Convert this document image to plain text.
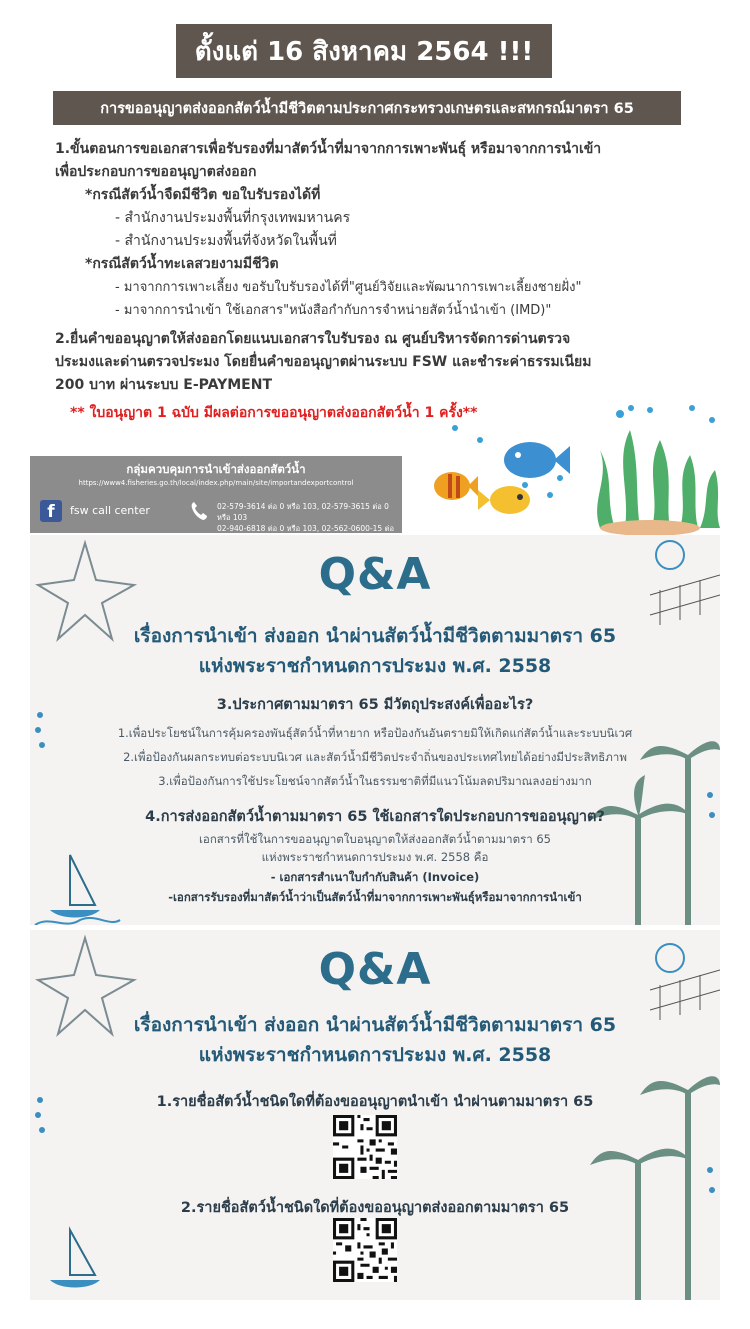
ตั้งแต่ 16 สิงหาคม 2564 !!!
การขออนุญาตส่งออกสัตว์น้ำมีชีวิตตามประกาศกระทรวงเกษตรและสหกรณ์มาตรา 65

1.ขั้นตอนการขอเอกสารเพื่อรับรองที่มาสัตว์น้ำที่มาจากการเพาะพันธุ์ หรือมาจากการนำเข้า

เพื่อประกอบการขออนุญาตส่งออก

*กรณีสัตว์น้ำจืดมีชีวิต ขอใบรับรองได้ที่

- สำนักงานประมงพื้นที่กรุงเทพมหานคร

- สำนักงานประมงพื้นที่จังหวัดในพื้นที่

*กรณีสัตว์น้ำทะเลสวยงามมีชีวิต

- มาจากการเพาะเลี้ยง ขอรับใบรับรองได้ที่"ศูนย์วิจัยและพัฒนาการเพาะเลี้ยงชายฝั่ง"

- มาจากการนำเข้า ใช้เอกสาร"หนังสือกำกับการจำหน่ายสัตว์น้ำนำเข้า (IMD)"

2.ยื่นคำขออนุญาตให้ส่งออกโดยแนบเอกสารใบรับรอง ณ ศูนย์บริหารจัดการด่านตรวจ

ประมงและด่านตรวจประมง โดยยื่นคำขออนุญาตผ่านระบบ FSW และชำระค่าธรรมเนียม

200 บาท ผ่านระบบ E-PAYMENT

** ใบอนุญาต 1 ฉบับ มีผลต่อการขออนุญาตส่งออกสัตว์น้ำ 1 ครั้ง**
กลุ่มควบคุมการนำเข้าส่งออกสัตว์น้ำ
https://www4.fisheries.go.th/local/index.php/main/site/importandexportcontrol
f	fsw call center	02-579-3614 ต่อ 0 หรือ 103, 02-579-3615 ต่อ 0 หรือ 103
02-940-6818 ต่อ 0 หรือ 103, 02-562-0600-15 ต่อ
Q&A
เรื่องการนำเข้า ส่งออก นำผ่านสัตว์น้ำมีชีวิตตามมาตรา 65
แห่งพระราชกำหนดการประมง พ.ศ. 2558
3.ประกาศตามมาตรา 65 มีวัตถุประสงค์เพื่ออะไร?
1.เพื่อประโยชน์ในการคุ้มครองพันธุ์สัตว์น้ำที่หายาก หรือป้องกันอันตรายมิให้เกิดแก่สัตว์น้ำและระบบนิเวศ
2.เพื่อป้องกันผลกระทบต่อระบบนิเวศ และสัตว์น้ำมีชีวิตประจำถิ่นของประเทศไทยได้อย่างมีประสิทธิภาพ
3.เพื่อป้องกันการใช้ประโยชน์จากสัตว์น้ำในธรรมชาติที่มีแนวโน้มลดปริมาณลงอย่างมาก
4.การส่งออกสัตว์น้ำตามมาตรา 65 ใช้เอกสารใดประกอบการขออนุญาต?
เอกสารที่ใช้ในการขออนุญาตใบอนุญาตให้ส่งออกสัตว์น้ำตามมาตรา 65
แห่งพระราชกำหนดการประมง พ.ศ. 2558 คือ
- เอกสารสำเนาใบกำกับสินค้า (Invoice)
-เอกสารรับรองที่มาสัตว์น้ำว่าเป็นสัตว์น้ำที่มาจากการเพาะพันธุ์หรือมาจากการนำเข้า
Q&A
เรื่องการนำเข้า ส่งออก นำผ่านสัตว์น้ำมีชีวิตตามมาตรา 65
แห่งพระราชกำหนดการประมง พ.ศ. 2558
1.รายชื่อสัตว์น้ำชนิดใดที่ต้องขออนุญาตนำเข้า นำผ่านตามมาตรา 65
2.รายชื่อสัตว์น้ำชนิดใดที่ต้องขออนุญาตส่งออกตามมาตรา 65
